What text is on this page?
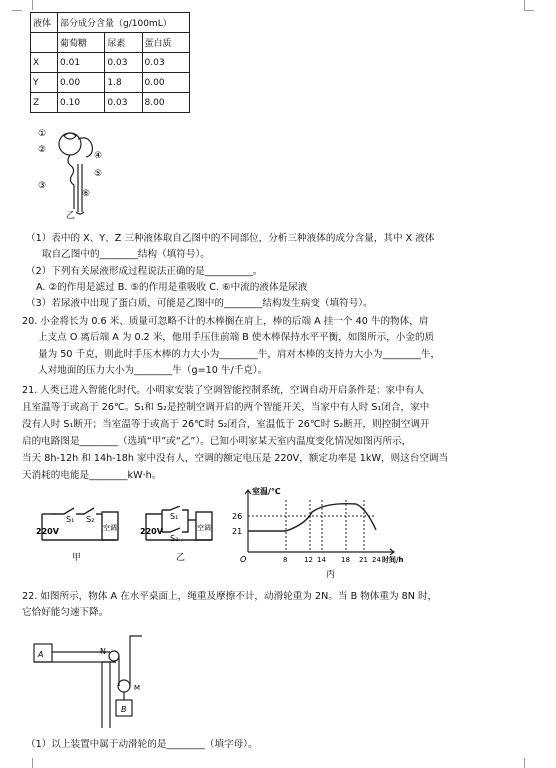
液体	部分成分含量（g/100mL）		
	葡萄糖	尿素	蛋白质
X	0.01	0.03	0.03
Y	0.00	1.8	0.00
Z	0.10	0.03	8.00
①
②
③
④
⑤
⑥
乙
（1）表中的 X、Y、Z 三种液体取自乙图中的不同部位，分析三种液体的成分含量，其中 X 液体
取自乙图中的________结构（填符号）。
（2）下列有关尿液形成过程说法正确的是__________。
A. ②的作用是滤过 B. ⑤的作用是重吸收 C. ⑥中流的液体是尿液
（3）若尿液中出现了蛋白质，可能是乙图中的________结构发生病变（填符号）。
20. 小金将长为 0.6 米、质量可忽略不计的木棒搁在肩上，棒的后端 A 挂一个 40 牛的物体，肩
上支点 O 离后端 A 为 0.2 米，他用手压住前端 B 使木棒保持水平平衡，如图所示，小金的质
量为 50 千克，则此时手压木棒的力大小为________牛，肩对木棒的支持力大小为________牛，
人对地面的压力大小为________牛（g=10 牛/千克）。
21. 人类已进入智能化时代。小明家安装了空调智能控制系统，空调自动开启条件是：家中有人
且室温等于或高于 26℃。S₁和 S₂是控制空调开启的两个智能开关，当家中有人时 S₁闭合，家中
没有人时 S₁断开；当室温等于或高于 26℃时 S₂闭合，室温低于 26℃时 S₂断开，则控制空调开
启的电路图是________（选填“甲”或“乙”）。已知小明家某天室内温度变化情况如图丙所示，
当天 8h-12h 和 14h-18h 家中没有人，空调的额定电压是 220V，额定功率是 1kW，则这台空调当
天消耗的电能是________kW·h。
S₁ S₂
空调
220V
甲
S₁
S₂
空调
220V
乙
室温/℃
26
21
O	8 12 14 18 21 24 时间/h
丙
22. 如图所示，物体 A 在水平桌面上，绳重及摩擦不计，动滑轮重为 2N。当 B 物体重为 8N 时，
它恰好能匀速下降。
A	N
M
B
（1）以上装置中属于动滑轮的是________（填字母）。
